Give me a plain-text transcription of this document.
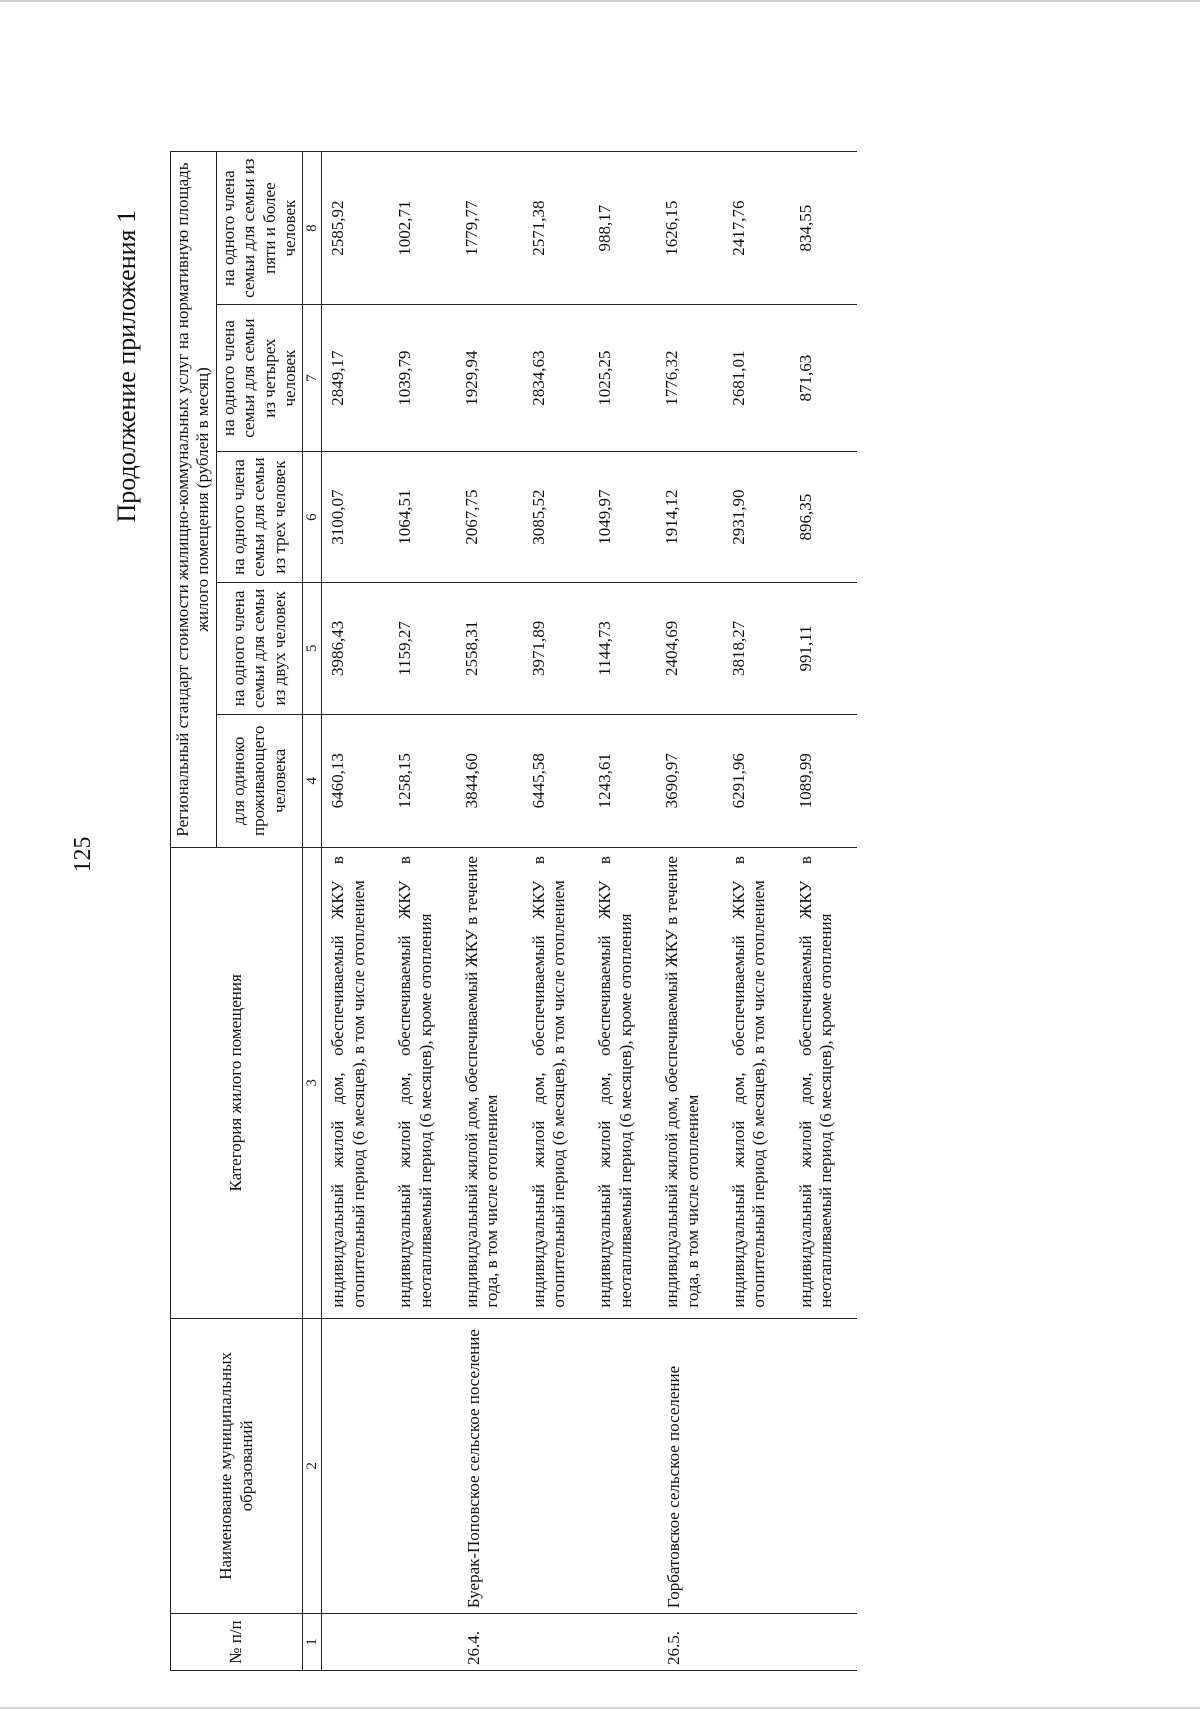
125
Продолжение приложения 1
№ п/п	Наименование муниципальных образований	Категория жилого помещения	Региональный стандарт стоимости жилищно-коммунальных услуг на нормативную площадь жилого помещения (рублей в месяц)				
			для одиноко проживающего человека	на одного члена семьи для семьи из двух человек	на одного члена семьи для семьи из трех человек	на одного члена семьи для семьи из четырех человек	на одного члена семьи для семьи из пяти и более человек
1	2	3	4	5	6	7	8
		индивидуальный жилой дом, обеспечиваемый ЖКУ в отопительный период (6 месяцев), в том числе отоплением	6460,13	3986,43	3100,07	2849,17	2585,92
		индивидуальный жилой дом, обеспечиваемый ЖКУ в неотапливаемый период (6 месяцев), кроме отопления	1258,15	1159,27	1064,51	1039,79	1002,71
26.4.	Буерак-Поповское сельское поселение	индивидуальный жилой дом, обеспечиваемый ЖКУ в течение года, в том числе отоплением	3844,60	2558,31	2067,75	1929,94	1779,77
		индивидуальный жилой дом, обеспечиваемый ЖКУ в отопительный период (6 месяцев), в том числе отоплением	6445,58	3971,89	3085,52	2834,63	2571,38
		индивидуальный жилой дом, обеспечиваемый ЖКУ в неотапливаемый период (6 месяцев), кроме отопления	1243,61	1144,73	1049,97	1025,25	988,17
26.5.	Горбатовское сельское поселение	индивидуальный жилой дом, обеспечиваемый ЖКУ в течение года, в том числе отоплением	3690,97	2404,69	1914,12	1776,32	1626,15
		индивидуальный жилой дом, обеспечиваемый ЖКУ в отопительный период (6 месяцев), в том числе отоплением	6291,96	3818,27	2931,90	2681,01	2417,76
		индивидуальный жилой дом, обеспечиваемый ЖКУ в неотапливаемый период (6 месяцев), кроме отопления	1089,99	991,11	896,35	871,63	834,55
